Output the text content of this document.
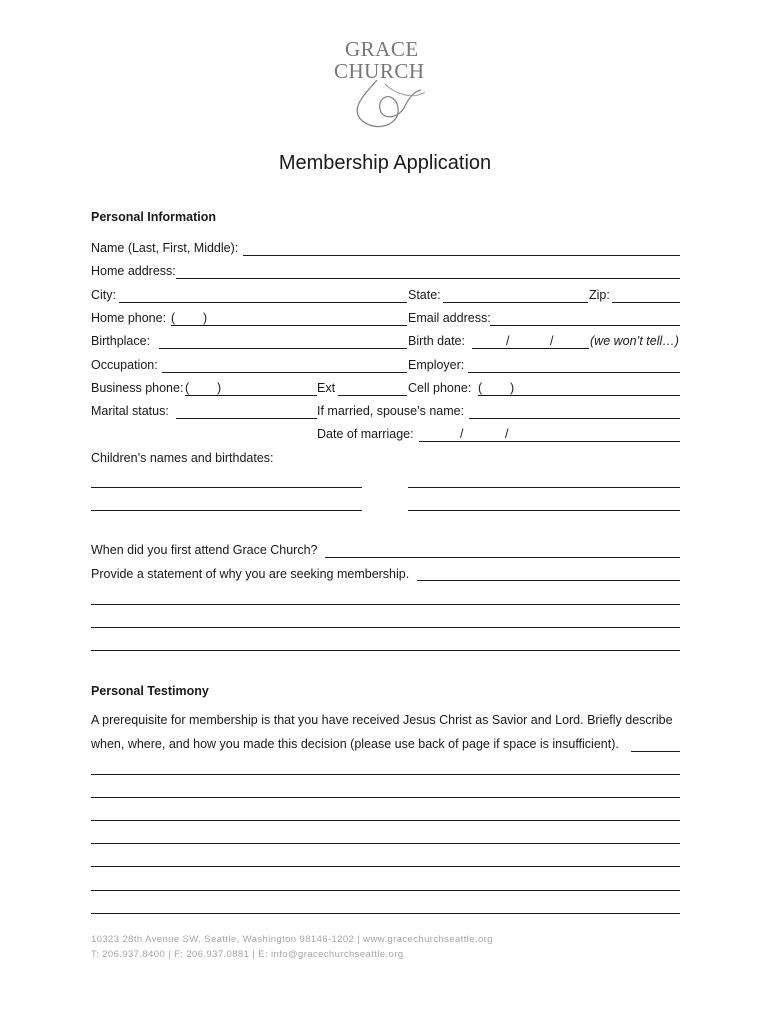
GRACE
CHURCH
Membership Application
Personal Information
Name (Last, First, Middle):
Home address:
City:	State:	Zip:
Home phone: ( )	Email address:
Birthplace:	Birth date:	/	/	(we won’t tell…)
Occupation:	Employer:
Business phone: ( )	Ext	Cell phone: ( )
Marital status:	If married, spouse’s name:
Date of marriage:	/	/
Children’s names and birthdates:
When did you first attend Grace Church?
Provide a statement of why you are seeking membership.
Personal Testimony
A prerequisite for membership is that you have received Jesus Christ as Savior and Lord. Briefly describe when, where, and how you made this decision (please use back of page if space is insufficient).
10323 28th Avenue SW, Seattle, Washington 98146-1202 | www.gracechurchseattle.org
T: 206.937.8400 | F: 206.937.0881 | E: info@gracechurchseattle.org
